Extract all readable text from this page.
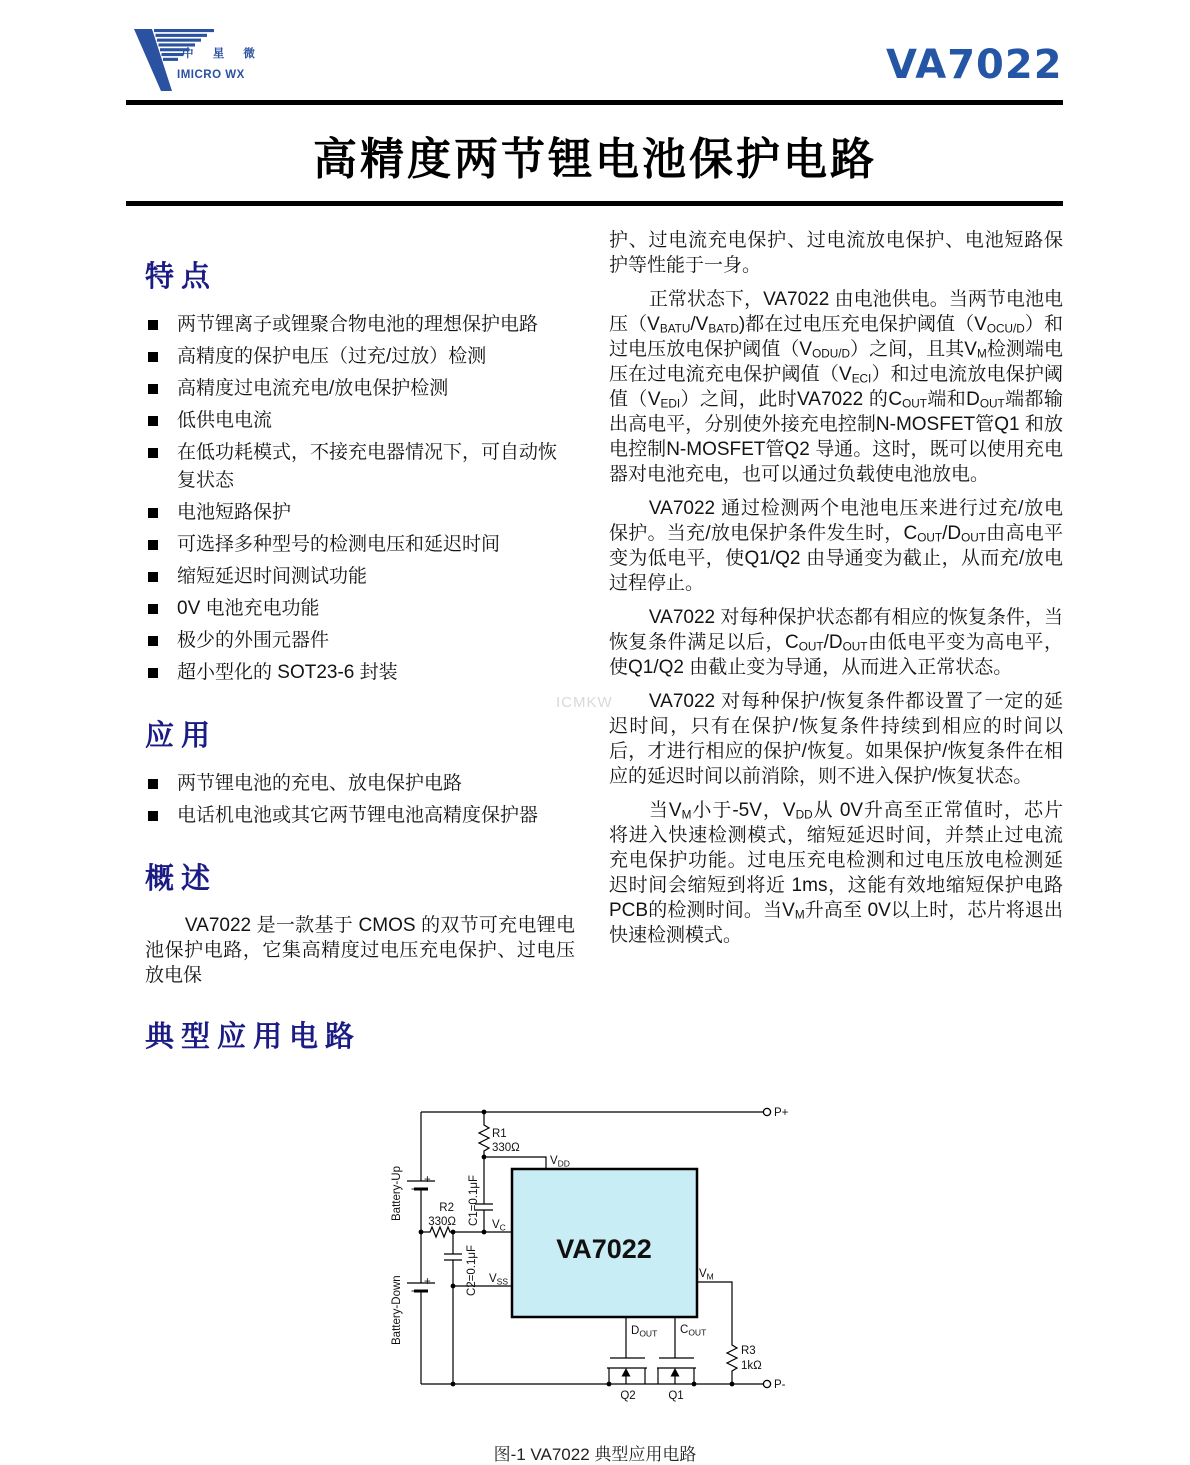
中 星 微
IMICRO WX	VA7022
高精度两节锂电池保护电路
ICMKW
特点
两节锂离子或锂聚合物电池的理想保护电路
高精度的保护电压（过充/过放）检测
高精度过电流充电/放电保护检测
低供电电流
在低功耗模式，不接充电器情况下，可自动恢复状态
电池短路保护
可选择多种型号的检测电压和延迟时间
缩短延迟时间测试功能
0V 电池充电功能
极少的外围元器件
超小型化的 SOT23-6 封装
应用
两节锂电池的充电、放电保护电路
电话机电池或其它两节锂电池高精度保护器
概述

VA7022 是一款基于 CMOS 的双节可充电锂电池保护电路，它集高精度过电压充电保护、过电压放电保

典型应用电路

护、过电流充电保护、过电流放电保护、电池短路保护等性能于一身。

正常状态下，VA7022 由电池供电。当两节电池电压$(V_{BATU}/V_{BATD})$都在过电压充电保护阈值$(V_{OCU/D})$和过电压放电保护阈值$(V_{ODU/D})$之间，且其$V_M$检测端电压在过电流充电保护阈值$(V_{ECI})$和过电流放电保护阈值$(V_{EDI})$之间，此时VA7022 的$C_{OUT}$端和$D_{OUT}$端都输出高电平，分别使外接充电控制N-MOSFET管Q1 和放电控制N-MOSFET管Q2 导通。这时，既可以使用充电器对电池充电，也可以通过负载使电池放电。

VA7022 通过检测两个电池电压来进行过充/放电保护。当充/放电保护条件发生时，$C_{OUT}/D_{OUT}$由高电平变为低电平，使Q1/Q2 由导通变为截止，从而充/放电过程停止。

VA7022 对每种保护状态都有相应的恢复条件，当恢复条件满足以后，$C_{OUT}/D_{OUT}$由低电平变为高电平，使Q1/Q2 由截止变为导通，从而进入正常状态。

VA7022 对每种保护/恢复条件都设置了一定的延迟时间，只有在保护/恢复条件持续到相应的时间以后，才进行相应的保护/恢复。如果保护/恢复条件在相应的延迟时间以前消除，则不进入保护/恢复状态。

当$V_M$小于-5V，$V_{DD}$从 0V升高至正常值时，芯片将进入快速检测模式，缩短延迟时间，并禁止过电流充电保护功能。过电压充电检测和过电压放电检测延迟时间会缩短到将近 1ms，这能有效地缩短保护电路PCB的检测时间。当$V_M$升高至 0V以上时，芯片将退出快速检测模式。

P+
P-
+
-
Battery-Up
+
-
Battery-Down
R1
330Ω
C1=0.1μF
R2
330Ω
C2=0.1μF	VA7022
$V_{DD}$
$V_C$
$V_{SS}$
$V_M$
$D_{OUT}$ $C_{OUT}$
R3
1kΩ
Q2	Q1
图-1 VA7022 典型应用电路
